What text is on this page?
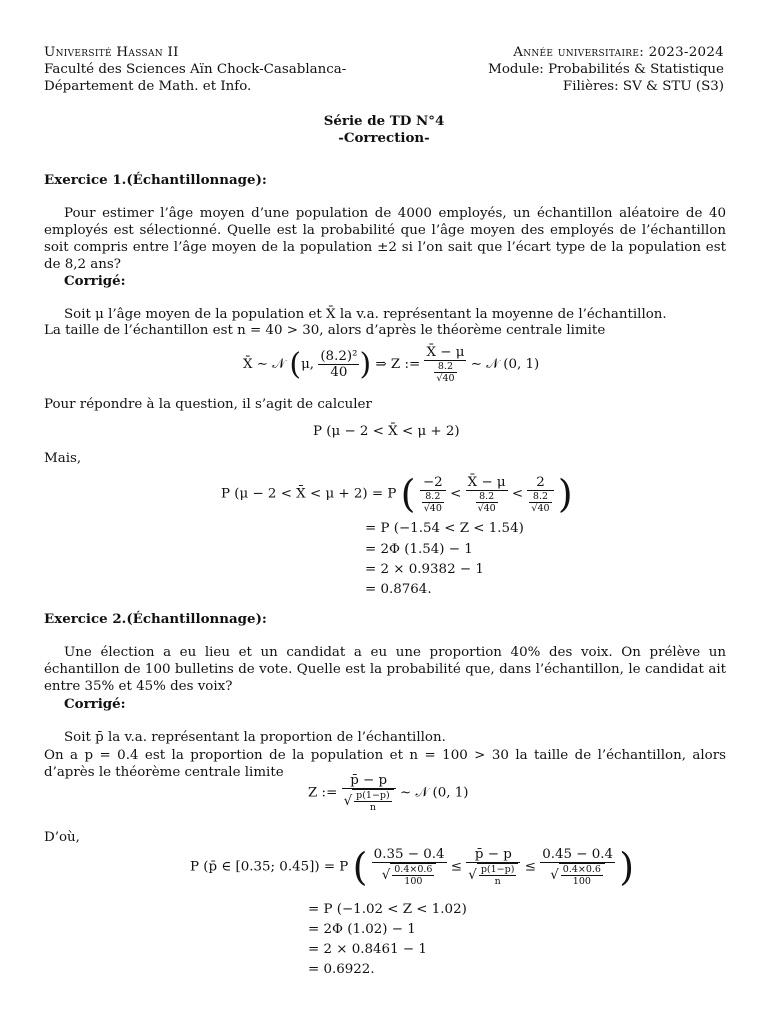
Université Hassan II
Faculté des Sciences Aïn Chock-Casablanca-
Département de Math. et Info.
Année universitaire: 2023-2024
Module: Probabilités & Statistique
Filières: SV & STU (S3)
Série de TD N°4
-Correction-
Exercice 1.(Échantillonnage):
Pour estimer l’âge moyen d’une population de 4000 employés, un échantillon aléatoire de 40 employés est sélectionné. Quelle est la probabilité que l’âge moyen des employés de l’échantillon soit compris entre l’âge moyen de la population ±2 si l’on sait que l’écart type de la population est de 8,2 ans?
Corrigé:
Soit μ l’âge moyen de la population et X̄ la v.a. représentant la moyenne de l’échantillon.
La taille de l’échantillon est n = 40 > 30, alors d’après le théorème centrale limite
X̄ ∼ 𝒩 (μ, $\frac{\text{(8.2)²}}{40}$ ) ⇒ Z := $\frac{X̄ - \mu}{\frac{8.2}{√40}}$ ∼ 𝒩 (0, 1)
Pour répondre à la question, il s’agit de calculer
P (μ − 2 < X̄ < μ + 2)
Mais,
P (μ − 2 < X̄ < μ + 2) = P ( $\frac{-2}{\frac{8.2}{√40}} < \frac{X̄ - \mu}{\frac{8.2}{√40}} < \frac{2}{\frac{8.2}{√40}}$ )
= P (−1.54 < Z < 1.54)
= 2Φ (1.54) − 1
= 2 × 0.9382 − 1
= 0.8764.
Exercice 2.(Échantillonnage):
Une élection a eu lieu et un candidat a eu une proportion 40% des voix. On prélève un échantillon de 100 bulletins de vote. Quelle est la probabilité que, dans l’échantillon, le candidat ait entre 35% et 45% des voix?
Corrigé:
Soit p̄ la v.a. représentant la proportion de l’échantillon.
On a p = 0.4 est la proportion de la population et n = 100 > 30 la taille de l’échantillon, alors d’après le théorème centrale limite
Z := $\frac{p̄ - p}{√ \frac{p(1-p)}{n}}$ ∼ 𝒩 (0, 1)
D’où,
P (p̄ ∈ [0.35; 0.45]) = P ( $\frac{0.35 - 0.4}{√ \frac{0.4\times 0.6}{100}} \le \frac{p̄ - p}{√ \frac{p(1-p)}{n}} \le \frac{0.45 - 0.4}{√ \frac{0.4\times 0.6}{100}}$ )
= P (−1.02 < Z < 1.02)
= 2Φ (1.02) − 1
= 2 × 0.8461 − 1
= 0.6922.
